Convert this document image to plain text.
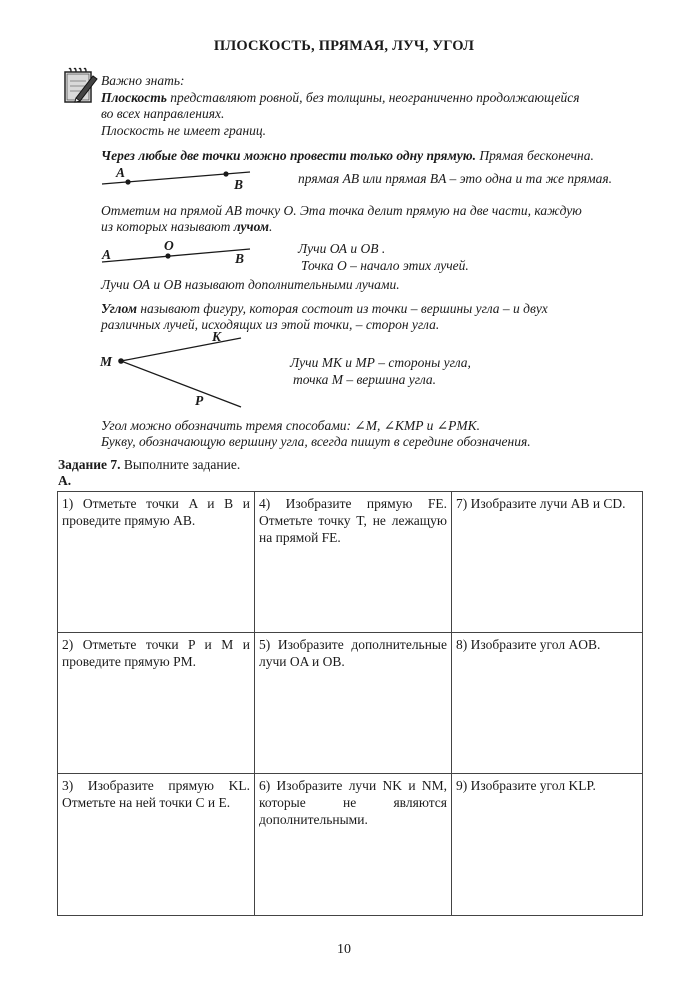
ПЛОСКОСТЬ, ПРЯМАЯ, ЛУЧ, УГОЛ
Важно знать:
Плоскость представляют ровной, без толщины, неограниченно продолжающейся
во всех направлениях.
Плоскость не имеет границ.
Через любые две точки можно провести только одну прямую. Прямая бесконечна.
A
B	прямая AB или прямая BA – это одна и та же прямая.
Отметим на прямой АВ точку О. Эта точка делит прямую на две части, каждую
из которых называют лучом.
A
O
B
Лучи ОА и ОВ .
Точка О – начало этих лучей.
Лучи ОА и ОВ называют дополнительными лучами.
Углом называют фигуру, которая состоит из точки – вершины угла – и двух
различных лучей, исходящих из этой точки, – сторон угла.
M
K
P
Лучи МК и МР – стороны угла,
точка М – вершина угла.
Угол можно обозначить тремя способами: ∠M, ∠KMP и ∠PMK.
Букву, обозначающую вершину угла, всегда пишут в середине обозначения.
Задание 7. Выполните задание.
А.
1) Отметьте точки A и B и проведите прямую AB.	4) Изобразите прямую FE. Отметьте точку T, не лежащую на прямой FE.	7) Изобразите лучи AB и CD.

2) Отметьте точки P и M и проведите прямую PM.	5) Изобразите дополнительные лучи OA и OB.	8) Изобразите угол AOB.

3) Изобразите прямую KL. Отметьте на ней точки C и E.	6) Изобразите лучи NK и NM, которые не являются дополнительными.	9) Изобразите угол KLP.
10
